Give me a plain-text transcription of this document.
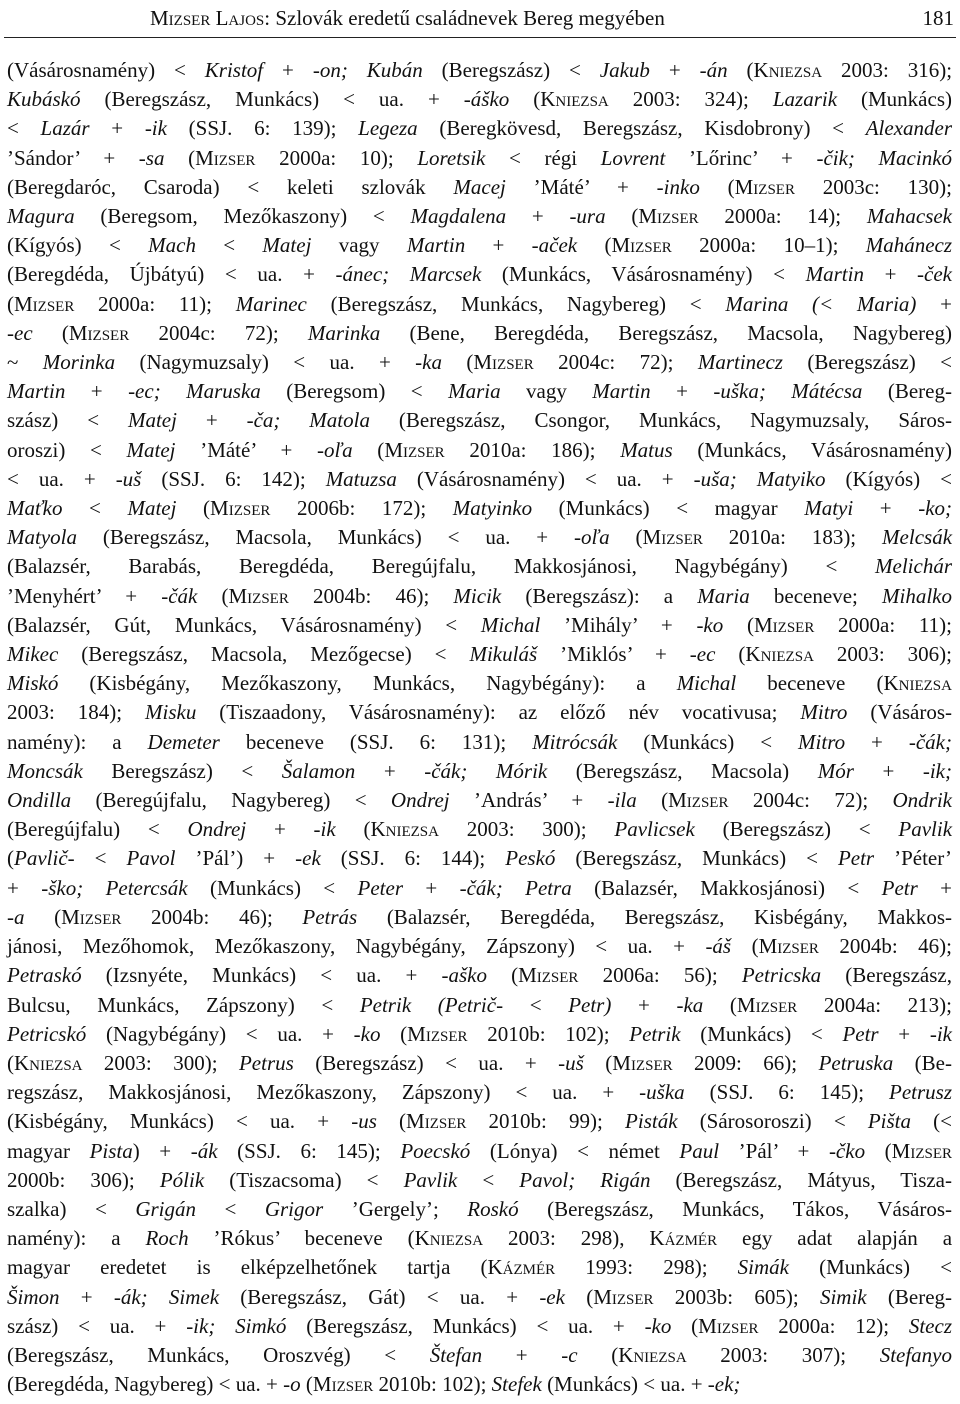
Mizser Lajos: Szlovák eredetű családnevek Bereg megyében	181
(Vásárosnamény) < Kristof + -on; Kubán (Beregszász) < Jakub + -án (Kniezsa 2003: 316);
Kubáskó (Beregszász, Munkács) < ua. + -áško (Kniezsa 2003: 324); Lazarik (Munkács)
< Lazár + -ik (SSJ. 6: 139); Legeza (Beregkövesd, Beregszász, Kisdobrony) < Alexander
’Sándor’ + -sa (Mizser 2000a: 10); Loretsik < régi Lovrent ’Lőrinc’ + -čik; Macinkó
(Beregdaróc, Csaroda) < keleti szlovák Macej ’Máté’ + -inko (Mizser 2003c: 130);
Magura (Beregsom, Mezőkaszony) < Magdalena + -ura (Mizser 2000a: 14); Mahacsek
(Kígyós) < Mach < Matej vagy Martin + -aček (Mizser 2000a: 10–1); Mahánecz
(Beregdéda, Újbátyú) < ua. + -ánec; Marcsek (Munkács, Vásárosnamény) < Martin + -ček
(Mizser 2000a: 11); Marinec (Beregszász, Munkács, Nagybereg) < Marina (< Maria) +
-ec (Mizser 2004c: 72); Marinka (Bene, Beregdéda, Beregszász, Macsola, Nagybereg)
~ Morinka (Nagymuzsaly) < ua. + -ka (Mizser 2004c: 72); Martinecz (Beregszász) <
Martin + -ec; Maruska (Beregsom) < Maria vagy Martin + -uška; Mátécsa (Bereg-
szász) < Matej + -ča; Matola (Beregszász, Csongor, Munkács, Nagymuzsaly, Sáros-
oroszi) < Matej ’Máté’ + -oľa (Mizser 2010a: 186); Matus (Munkács, Vásárosnamény)
< ua. + -uš (SSJ. 6: 142); Matuzsa (Vásárosnamény) < ua. + -uša; Matyiko (Kígyós) <
Maťko < Matej (Mizser 2006b: 172); Matyinko (Munkács) < magyar Matyi + -ko;
Matyola (Beregszász, Macsola, Munkács) < ua. + -oľa (Mizser 2010a: 183); Melcsák
(Balazsér, Barabás, Beregdéda, Beregújfalu, Makkosjánosi, Nagybégány) < Melichár
’Menyhért’ + -čák (Mizser 2004b: 46); Micik (Beregszász): a Maria beceneve; Mihalko
(Balazsér, Gút, Munkács, Vásárosnamény) < Michal ’Mihály’ + -ko (Mizser 2000a: 11);
Mikec (Beregszász, Macsola, Mezőgecse) < Mikuláš ’Miklós’ + -ec (Kniezsa 2003: 306);
Miskó (Kisbégány, Mezőkaszony, Munkács, Nagybégány): a Michal beceneve (Kniezsa
2003: 184); Misku (Tiszaadony, Vásárosnamény): az előző név vocativusa; Mitro (Vásáros-
namény): a Demeter beceneve (SSJ. 6: 131); Mitrócsák (Munkács) < Mitro + -čák;
Moncsák Beregszász) < Šalamon + -čák; Mórik (Beregszász, Macsola) Mór + -ik;
Ondilla (Beregújfalu, Nagybereg) < Ondrej ’András’ + -ila (Mizser 2004c: 72); Ondrik
(Beregújfalu) < Ondrej + -ik (Kniezsa 2003: 300); Pavlicsek (Beregszász) < Pavlik
(Pavlič- < Pavol ’Pál’) + -ek (SSJ. 6: 144); Peskó (Beregszász, Munkács) < Petr ’Péter’
+ -ško; Petercsák (Munkács) < Peter + -čák; Petra (Balazsér, Makkosjánosi) < Petr +
-a (Mizser 2004b: 46); Petrás (Balazsér, Beregdéda, Beregszász, Kisbégány, Makkos-
jánosi, Mezőhomok, Mezőkaszony, Nagybégány, Zápszony) < ua. + -áš (Mizser 2004b: 46);
Petraskó (Izsnyéte, Munkács) < ua. + -aško (Mizser 2006a: 56); Petricska (Beregszász,
Bulcsu, Munkács, Zápszony) < Petrik (Petrič- < Petr) + -ka (Mizser 2004a: 213);
Petricskó (Nagybégány) < ua. + -ko (Mizser 2010b: 102); Petrik (Munkács) < Petr + -ik
(Kniezsa 2003: 300); Petrus (Beregszász) < ua. + -uš (Mizser 2009: 66); Petruska (Be-
regszász, Makkosjánosi, Mezőkaszony, Zápszony) < ua. + -uška (SSJ. 6: 145); Petrusz
(Kisbégány, Munkács) < ua. + -us (Mizser 2010b: 99); Pisták (Sárosoroszi) < Pišta (<
magyar Pista) + -ák (SSJ. 6: 145); Poecskó (Lónya) < német Paul ’Pál’ + -čko (Mizser
2000b: 306); Pólik (Tiszacsoma) < Pavlik < Pavol; Rigán (Beregszász, Mátyus, Tisza-
szalka) < Grigán < Grigor ’Gergely’; Roskó (Beregszász, Munkács, Tákos, Vásáros-
namény): a Roch ’Rókus’ beceneve (Kniezsa 2003: 298), Kázmér egy adat alapján a
magyar eredetet is elképzelhetőnek tartja (Kázmér 1993: 298); Simák (Munkács) <
Šimon + -ák; Simek (Beregszász, Gát) < ua. + -ek (Mizser 2003b: 605); Simik (Bereg-
szász) < ua. + -ik; Simkó (Beregszász, Munkács) < ua. + -ko (Mizser 2000a: 12); Stecz
(Beregszász, Munkács, Oroszvég) < Štefan + -c (Kniezsa 2003: 307); Stefanyo
(Beregdéda, Nagybereg) < ua. + -o (Mizser 2010b: 102); Stefek (Munkács) < ua. + -ek;
